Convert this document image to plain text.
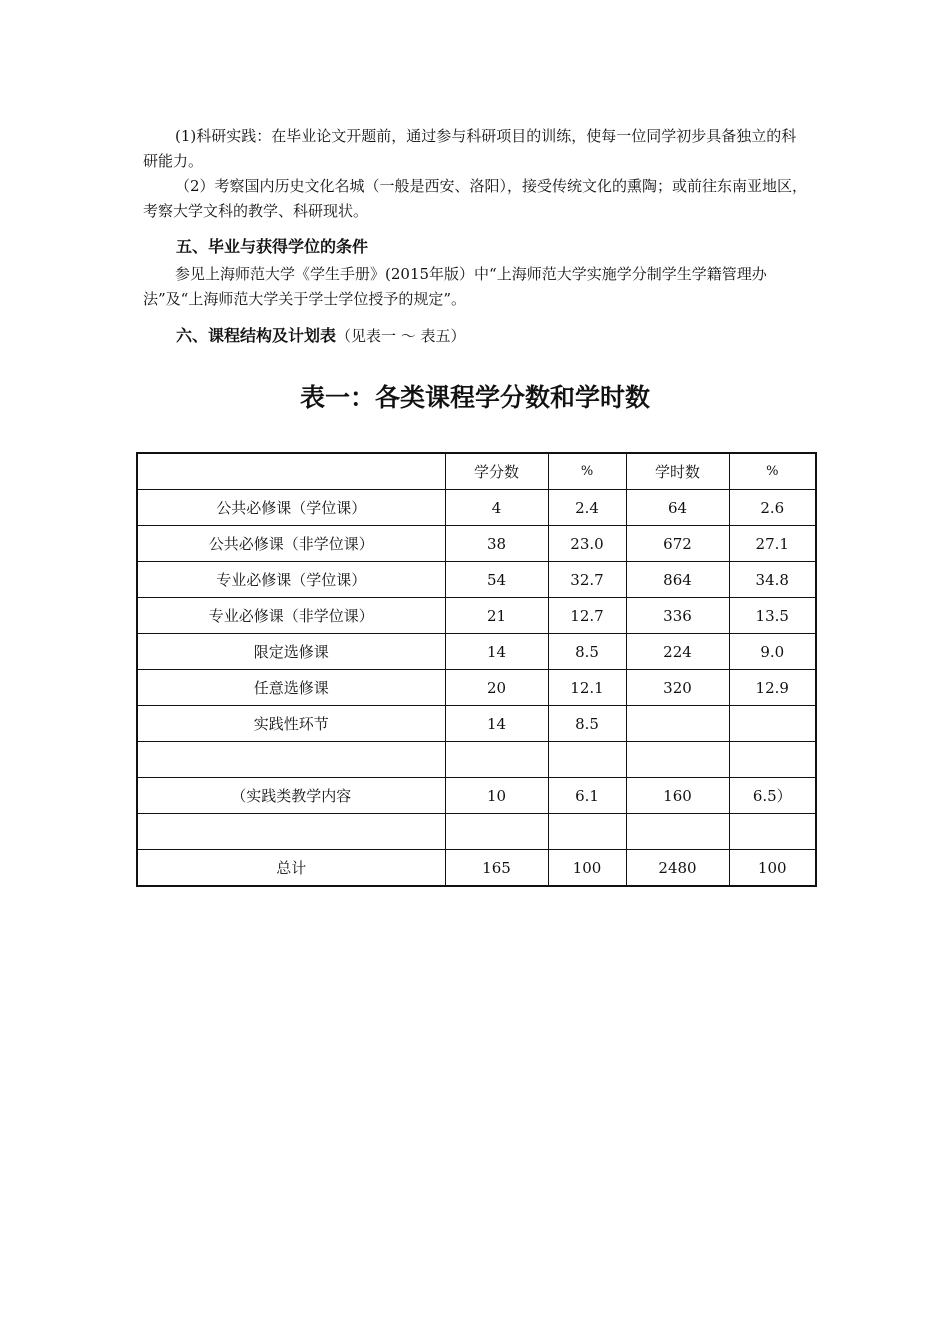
(1)科研实践：在毕业论文开题前，通过参与科研项目的训练，使每一位同学初步具备独立的科研能力。

（2）考察国内历史文化名城（一般是西安、洛阳），接受传统文化的熏陶；或前往东南亚地区，考察大学文科的教学、科研现状。

五、毕业与获得学位的条件

参见上海师范大学《学生手册》(2015年版）中“上海师范大学实施学分制学生学籍管理办法”及“上海师范大学关于学士学位授予的规定”。

六、课程结构及计划表（见表一 ～ 表五）
表一：各类课程学分数和学时数
	学分数	%	学时数	%
公共必修课（学位课）	4	2.4	64	2.6
公共必修课（非学位课）	38	23.0	672	27.1
专业必修课（学位课）	54	32.7	864	34.8
专业必修课（非学位课）	21	12.7	336	13.5
限定选修课	14	8.5	224	9.0
任意选修课	20	12.1	320	12.9
实践性环节	14	8.5		

（实践类教学内容	10	6.1	160	6.5）

总计	165	100	2480	100
